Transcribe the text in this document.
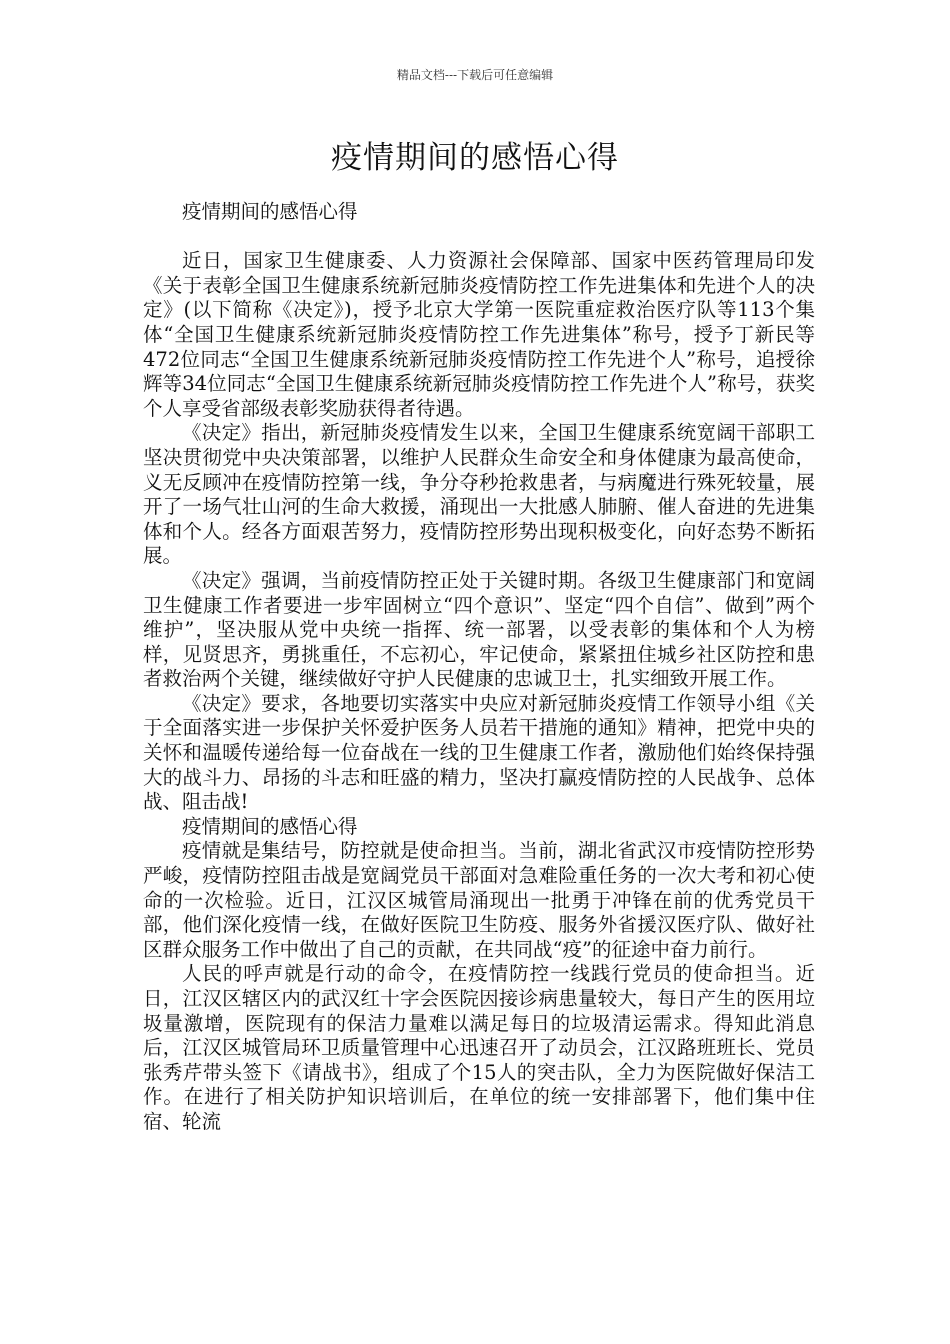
精品文档---下载后可任意编辑
疫情期间的感悟心得

疫情期间的感悟心得

近日，国家卫生健康委、人力资源社会保障部、国家中医药管理局印发《关于表彰全国卫生健康系统新冠肺炎疫情防控工作先进集体和先进个人的决定》(以下简称《决定》)，授予北京大学第一医院重症救治医疗队等113个集体“全国卫生健康系统新冠肺炎疫情防控工作先进集体”称号，授予丁新民等472位同志“全国卫生健康系统新冠肺炎疫情防控工作先进个人”称号，追授徐辉等34位同志“全国卫生健康系统新冠肺炎疫情防控工作先进个人”称号，获奖个人享受省部级表彰奖励获得者待遇。

《决定》指出，新冠肺炎疫情发生以来，全国卫生健康系统宽阔干部职工坚决贯彻党中央决策部署，以维护人民群众生命安全和身体健康为最高使命，义无反顾冲在疫情防控第一线，争分夺秒抢救患者，与病魔进行殊死较量，展开了一场气壮山河的生命大救援，涌现出一大批感人肺腑、催人奋进的先进集体和个人。经各方面艰苦努力，疫情防控形势出现积极变化，向好态势不断拓展。

《决定》强调，当前疫情防控正处于关键时期。各级卫生健康部门和宽阔卫生健康工作者要进一步牢固树立“四个意识”、坚定“四个自信”、做到”两个维护”，坚决服从党中央统一指挥、统一部署，以受表彰的集体和个人为榜样，见贤思齐，勇挑重任，不忘初心，牢记使命，紧紧扭住城乡社区防控和患者救治两个关键，继续做好守护人民健康的忠诚卫士，扎实细致开展工作。

《决定》要求，各地要切实落实中央应对新冠肺炎疫情工作领导小组《关于全面落实进一步保护关怀爱护医务人员若干措施的通知》精神，把党中央的关怀和温暖传递给每一位奋战在一线的卫生健康工作者，激励他们始终保持强大的战斗力、昂扬的斗志和旺盛的精力，坚决打赢疫情防控的人民战争、总体战、阻击战!

疫情期间的感悟心得

疫情就是集结号，防控就是使命担当。当前，湖北省武汉市疫情防控形势严峻，疫情防控阻击战是宽阔党员干部面对急难险重任务的一次大考和初心使命的一次检验。近日，江汉区城管局涌现出一批勇于冲锋在前的优秀党员干部，他们深化疫情一线，在做好医院卫生防疫、服务外省援汉医疗队、做好社区群众服务工作中做出了自己的贡献，在共同战“疫”的征途中奋力前行。

人民的呼声就是行动的命令，在疫情防控一线践行党员的使命担当。近日，江汉区辖区内的武汉红十字会医院因接诊病患量较大，每日产生的医用垃圾量激增，医院现有的保洁力量难以满足每日的垃圾清运需求。得知此消息后，江汉区城管局环卫质量管理中心迅速召开了动员会，江汉路班班长、党员张秀芹带头签下《请战书》，组成了个15人的突击队，全力为医院做好保洁工作。在进行了相关防护知识培训后，在单位的统一安排部署下，他们集中住宿、轮流
